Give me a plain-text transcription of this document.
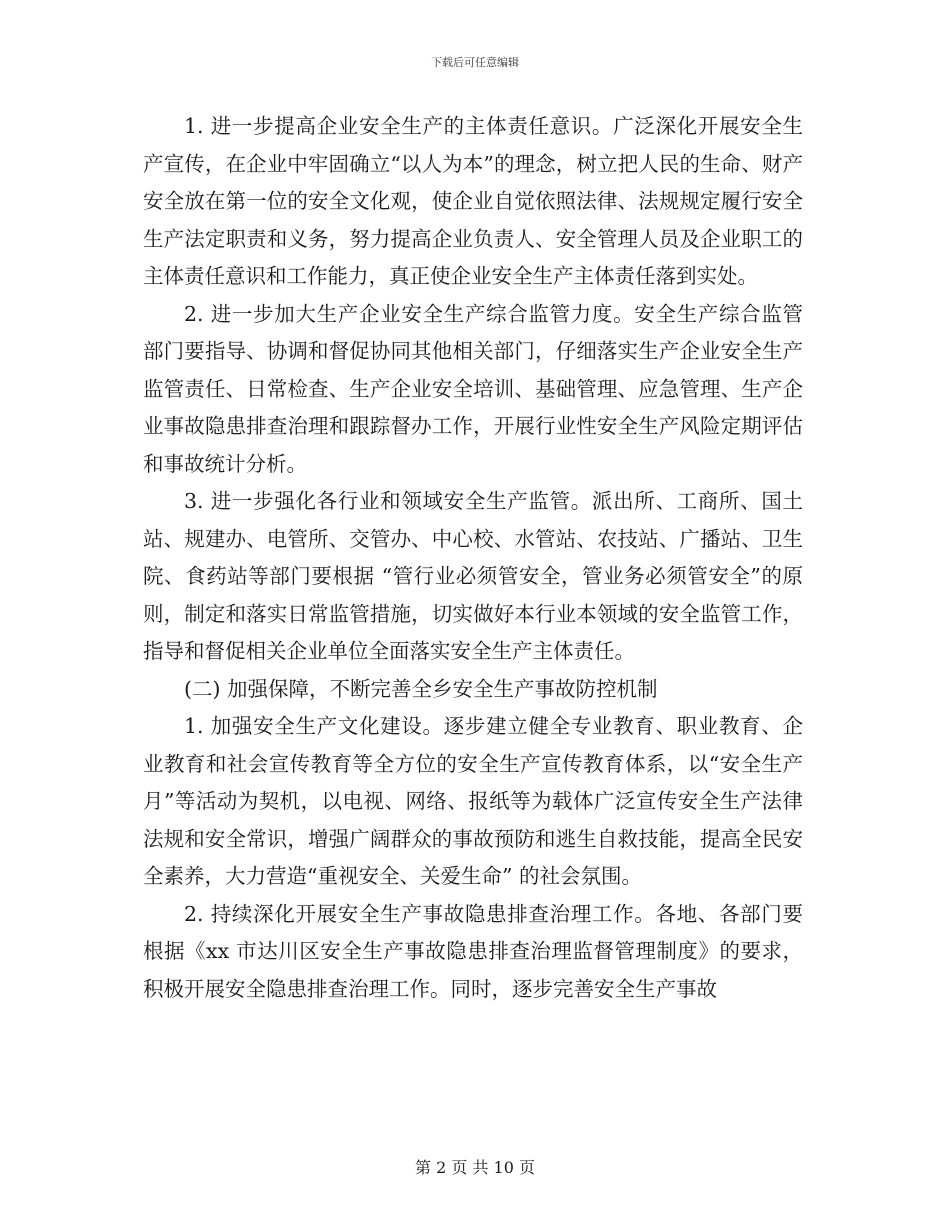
下载后可任意编辑

1. 进一步提高企业安全生产的主体责任意识。广泛深化开展安全生产宣传，在企业中牢固确立“以人为本”的理念，树立把人民的生命、财产安全放在第一位的安全文化观，使企业自觉依照法律、法规规定履行安全生产法定职责和义务，努力提高企业负责人、安全管理人员及企业职工的主体责任意识和工作能力，真正使企业安全生产主体责任落到实处。

2. 进一步加大生产企业安全生产综合监管力度。安全生产综合监管部门要指导、协调和督促协同其他相关部门，仔细落实生产企业安全生产监管责任、日常检查、生产企业安全培训、基础管理、应急管理、生产企业事故隐患排查治理和跟踪督办工作，开展行业性安全生产风险定期评估和事故统计分析。

3. 进一步强化各行业和领域安全生产监管。派出所、工商所、国土站、规建办、电管所、交管办、中心校、水管站、农技站、广播站、卫生院、食药站等部门要根据 “管行业必须管安全，管业务必须管安全”的原则，制定和落实日常监管措施，切实做好本行业本领域的安全监管工作，指导和督促相关企业单位全面落实安全生产主体责任。

(二) 加强保障，不断完善全乡安全生产事故防控机制

1. 加强安全生产文化建设。逐步建立健全专业教育、职业教育、企业教育和社会宣传教育等全方位的安全生产宣传教育体系，以“安全生产月”等活动为契机，以电视、网络、报纸等为载体广泛宣传安全生产法律法规和安全常识，增强广阔群众的事故预防和逃生自救技能，提高全民安全素养，大力营造“重视安全、关爱生命” 的社会氛围。

2. 持续深化开展安全生产事故隐患排查治理工作。各地、各部门要根据《xx 市达川区安全生产事故隐患排查治理监督管理制度》的要求，积极开展安全隐患排查治理工作。同时，逐步完善安全生产事故

第 2 页 共 10 页
